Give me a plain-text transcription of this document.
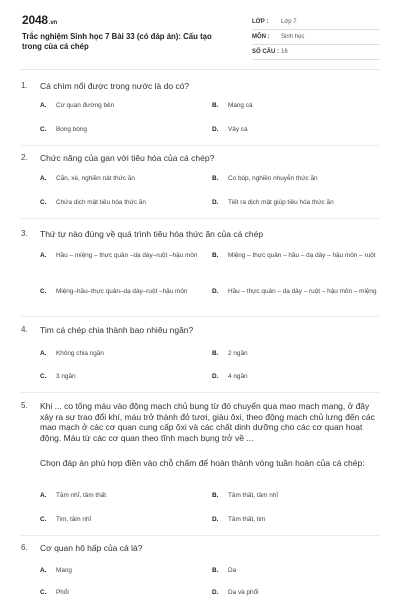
2048.vn
Trắc nghiệm Sinh học 7 Bài 33 (có đáp án): Cấu tạo trong của cá chép
LỚP :	Lớp 7
MÔN :	Sinh học
SỐ CÂU : 16
1. Cá chìm nổi được trong nước là do có?
A.	Cơ quan đường bên	B.	Mang cá
C.	Bong bóng	D.	Vây cá
2. Chức năng của gan với tiêu hóa của cá chép?
A.	Cắn, xé, nghiền nát thức ăn	B.	Co bóp, nghiền nhuyễn thức ăn
C.	Chứa dịch mật tiêu hóa thức ăn	D.	Tiết ra dịch mật giúp tiêu hóa thức ăn
3. Thứ tự nào đúng về quá trình tiêu hóa thức ăn của cá chép
A.	Hầu – miệng – thực quản –dạ dày–ruột –hậu môn B.	Miệng – thực quản – hầu – dạ dày – hậu môn – ruột
C.	Miệng–hầu–thực quản–dạ dày–ruột –hậu môn	D.	Hầu – thực quản – dạ dày – ruột – hậu môn – miệng
4. Tim cá chép chia thành bao nhiêu ngăn?
A.	Không chia ngăn	B.	2 ngăn
C.	3 ngăn	D.	4 ngăn
5. Khi ... co tống máu vào động mạch chủ bụng từ đó chuyển qua mao mạch mang, ở đây xảy ra sự trao đổi khí, máu trở thành đỏ tươi, giàu ôxi, theo động mạch chủ lưng đến các mao mạch ở các cơ quan cung cấp ôxi và các chất dinh dưỡng cho các cơ quan hoạt động. Máu từ các cơ quan theo tĩnh mạch bụng trở về ...
Chọn đáp án phù hợp điền vào chỗ chấm để hoàn thành vòng tuần hoàn của cá chép:
A.	Tâm nhĩ, tâm thất	B.	Tâm thất, tâm nhĩ
C.	Tim, tâm nhĩ	D.	Tâm thất, tim
6. Cơ quan hô hấp của cá là?
A.	Mang	B.	Da
C.	Phổi	D.	Da và phổi
